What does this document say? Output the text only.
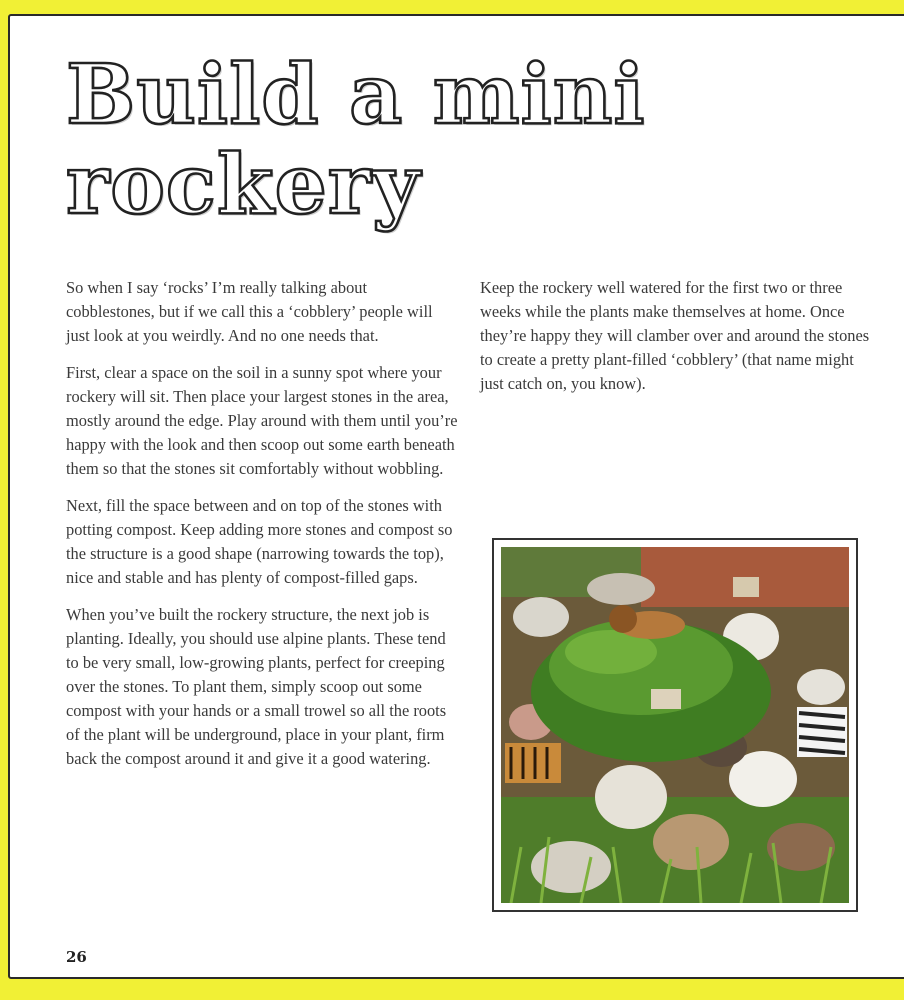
Build a mini
rockery

So when I say ‘rocks’ I’m really talking about cobblestones, but if we call this a ‘cobblery’ people will just look at you weirdly. And no one needs that.

First, clear a space on the soil in a sunny spot where your rockery will sit. Then place your largest stones in the area, mostly around the edge. Play around with them until you’re happy with the look and then scoop out some earth beneath them so that the stones sit comfortably without wobbling.

Next, fill the space between and on top of the stones with potting compost. Keep adding more stones and compost so the structure is a good shape (narrowing towards the top), nice and stable and has plenty of compost-filled gaps.

When you’ve built the rockery structure, the next job is planting. Ideally, you should use alpine plants. These tend to be very small, low-growing plants, perfect for creeping over the stones. To plant them, simply scoop out some compost with your hands or a small trowel so all the roots of the plant will be underground, place in your plant, firm back the compost around it and give it a good watering.

Keep the rockery well watered for the first two or three weeks while the plants make themselves at home. Once they’re happy they will clamber over and around the stones to create a pretty plant-filled ‘cobblery’ (that name might just catch on, you know).

26
